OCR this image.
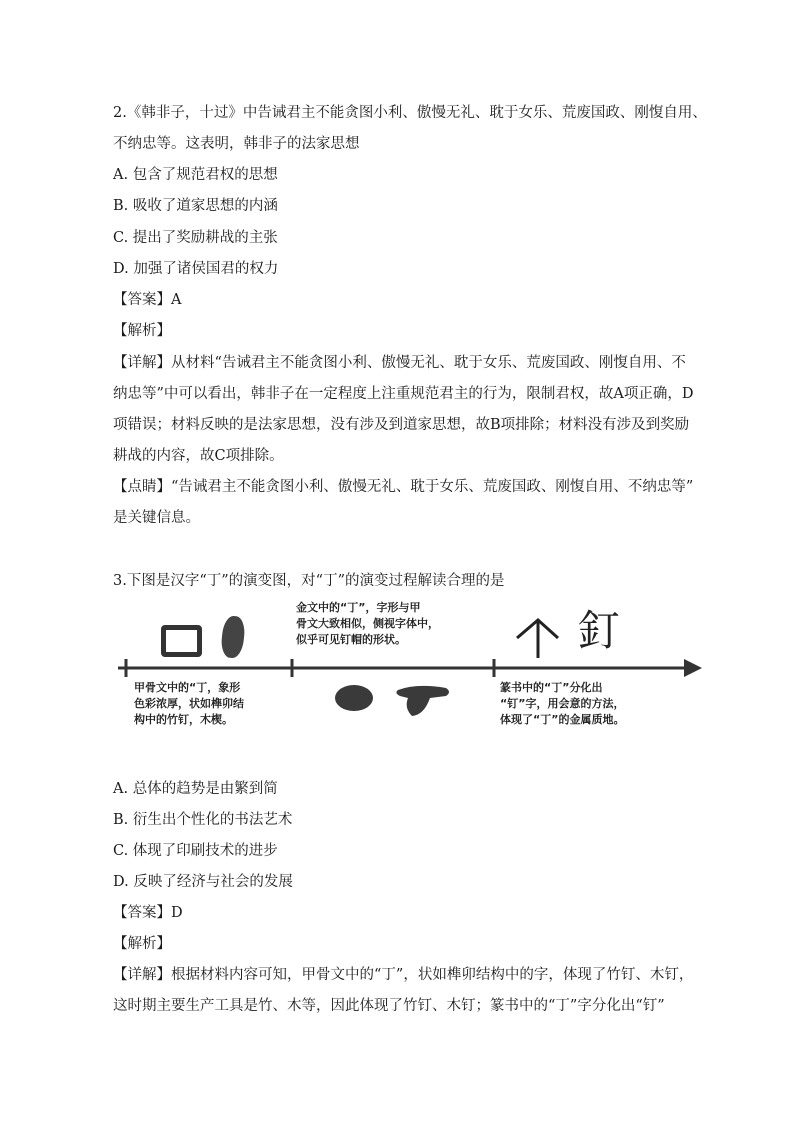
2.《韩非子，十过》中告诫君主不能贪图小利、傲慢无礼、耽于女乐、荒废国政、刚愎自用、
不纳忠等。这表明，韩非子的法家思想
A. 包含了规范君权的思想
B. 吸收了道家思想的内涵
C. 提出了奖励耕战的主张
D. 加强了诸侯国君的权力
【答案】A
【解析】
【详解】从材料“告诫君主不能贪图小利、傲慢无礼、耽于女乐、荒废国政、刚愎自用、不
纳忠等”中可以看出，韩非子在一定程度上注重规范君主的行为，限制君权，故A项正确，D
项错误；材料反映的是法家思想，没有涉及到道家思想，故B项排除；材料没有涉及到奖励
耕战的内容，故C项排除。
【点睛】“告诫君主不能贪图小利、傲慢无礼、耽于女乐、荒废国政、刚愎自用、不纳忠等”
是关键信息。
3.下图是汉字“丁”的演变图，对“丁”的演变过程解读合理的是
釘
金文中的“丁”，字形与甲
骨文大致相似，侧视字体中，
似乎可见钉帽的形状。
甲骨文中的“丁，象形
色彩浓厚，状如榫卯结
构中的竹钉，木楔。
篆书中的“丁”分化出
“钉”字，用会意的方法，
体现了“丁”的金属质地。
A. 总体的趋势是由繁到简
B. 衍生出个性化的书法艺术
C. 体现了印刷技术的进步
D. 反映了经济与社会的发展
【答案】D
【解析】
【详解】根据材料内容可知，甲骨文中的“丁”，状如榫卯结构中的字，体现了竹钉、木钉，
这时期主要生产工具是竹、木等，因此体现了竹钉、木钉；篆书中的“丁”字分化出“钉”
